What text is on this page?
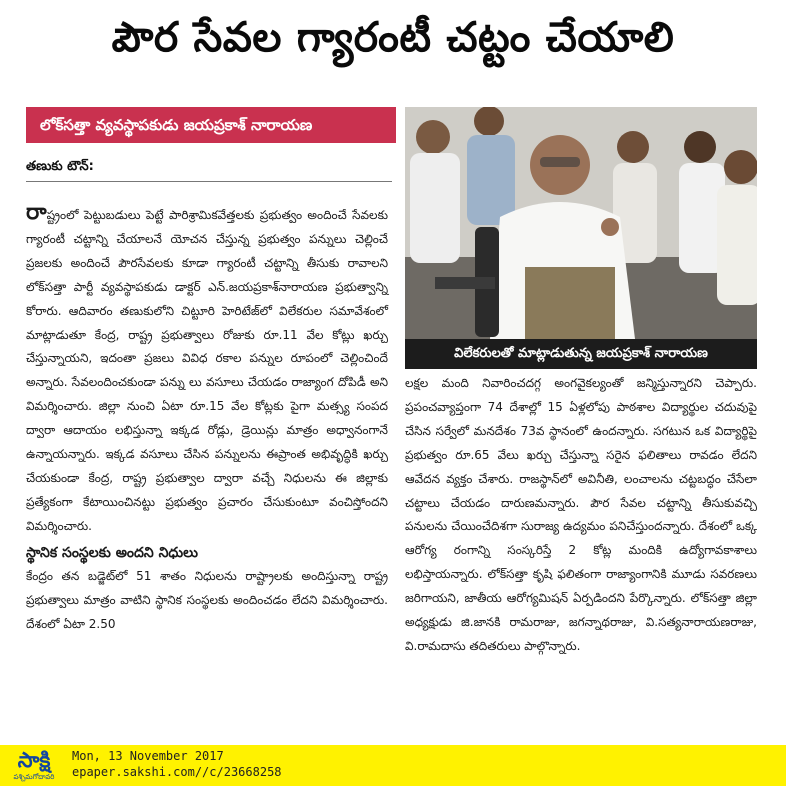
పౌర సేవల గ్యారంటీ చట్టం చేయాలి
లోక్‌సత్తా వ్యవస్థాపకుడు జయప్రకాశ్ నారాయణ
తణుకు టౌన్:

రాష్ట్రంలో పెట్టుబడులు పెట్టే పారిశ్రామికవేత్తలకు ప్రభుత్వం అందించే సేవలకు గ్యారంటీ చట్టాన్ని చేయాలనే యోచన చేస్తున్న ప్రభుత్వం పన్నులు చెల్లించే ప్రజలకు అందించే పౌరసేవలకు కూడా గ్యారంటీ చట్టాన్ని తీసుకు రావాలని లోక్‌సత్తా పార్టీ వ్యవస్థాపకుడు డాక్టర్ ఎన్.జయప్రకాశ్‌నారాయణ ప్రభుత్వాన్ని కోరారు. ఆదివారం తణుకులోని చిట్టూరి హెరిటేజ్‌లో విలేకరుల సమావేశంలో మాట్లాడుతూ కేంద్ర, రాష్ట్ర ప్రభుత్వాలు రోజుకు రూ.11 వేల కోట్లు ఖర్చు చేస్తున్నాయని, ఇదంతా ప్రజలు వివిధ రకాల పన్నుల రూపంలో చెల్లించిందే అన్నారు. సేవలందించకుండా పన్ను లు వసూలు చేయడం రాజ్యాంగ దోపిడీ అని విమర్శించారు. జిల్లా నుంచి ఏటా రూ.15 వేల కోట్లకు పైగా మత్స్య సంపద ద్వారా ఆదాయం లభిస్తున్నా ఇక్కడ రోడ్లు, డ్రెయిన్లు మాత్రం అధ్వానంగానే ఉన్నాయన్నారు. ఇక్కడ వసూలు చేసిన పన్నులను ఈప్రాంత అభివృద్ధికి ఖర్చు చేయకుండా కేంద్ర, రాష్ట్ర ప్రభుత్వాల ద్వారా వచ్చే నిధులను ఈ జిల్లాకు ప్రత్యేకంగా కేటాయించినట్టు ప్రభుత్వం ప్రచారం చేసుకుంటూ వంచిస్తోందని విమర్శించారు.

స్థానిక సంస్థలకు అందని నిధులు

కేంద్రం తన బడ్జెట్‌లో 51 శాతం నిధులను రాష్ట్రాలకు అందిస్తున్నా రాష్ట్ర ప్రభుత్వాలు మాత్రం వాటిని స్థానిక సంస్థలకు అందించడం లేదని విమర్శించారు. దేశంలో ఏటా 2.50

విలేకరులతో మాట్లాడుతున్న జయప్రకాశ్ నారాయణ

లక్షల మంది నివారించదగ్గ అంగవైకల్యంతో జన్మిస్తున్నారని చెప్పారు. ప్రపంచవ్యాప్తంగా 74 దేశాల్లో 15 ఏళ్లలోపు పాఠశాల విద్యార్థుల చదువుపై చేసిన సర్వేలో మనదేశం 73వ స్థానంలో ఉందన్నారు. సగటున ఒక విద్యార్థిపై ప్రభుత్వం రూ.65 వేలు ఖర్చు చేస్తున్నా సరైన ఫలితాలు రావడం లేదని ఆవేదన వ్యక్తం చేశారు. రాజస్థాన్‌లో అవినీతి, లంచాలను చట్టబద్ధం చేసేలా చట్టాలు చేయడం దారుణమన్నారు. పౌర సేవల చట్టాన్ని తీసుకువచ్చి పనులను చేయించేదిశగా సురాజ్య ఉద్యమం పనిచేస్తుందన్నారు. దేశంలో ఒక్క ఆరోగ్య రంగాన్ని సంస్కరిస్తే 2 కోట్ల మందికి ఉద్యోగావకాశాలు లభిస్తాయన్నారు. లోక్‌సత్తా కృషి ఫలితంగా రాజ్యాంగానికి మూడు సవరణలు జరిగాయని, జాతీయ ఆరోగ్యమిషన్ ఏర్పడిందని పేర్కొన్నారు. లోక్‌సత్తా జిల్లా అధ్యక్షుడు జి.జానకి రామరాజు, జగన్నాథరాజు, వి.సత్యనారాయణరాజు, వి.రామదాసు తదితరులు పాల్గొన్నారు.

సాక్షి
పశ్చిమగోదావరి
Mon, 13 November 2017
epaper.sakshi.com//c/23668258
